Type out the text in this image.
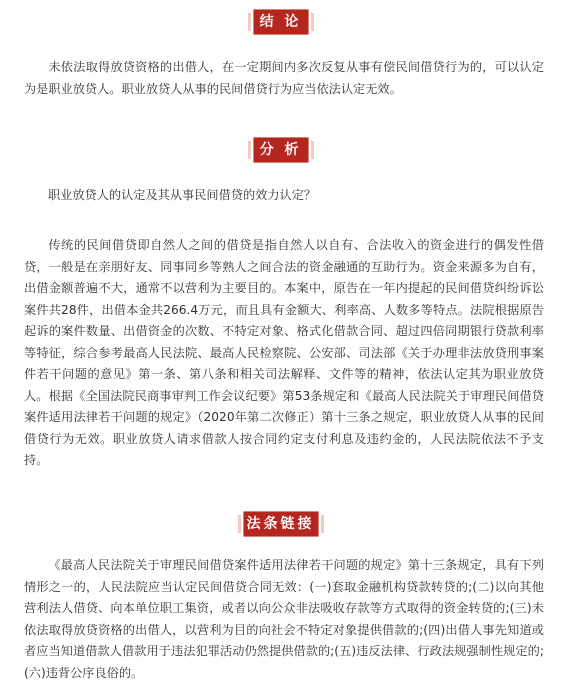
结 论

未依法取得放贷资格的出借人，在一定期间内多次反复从事有偿民间借贷行为的，可以认定为是职业放贷人。职业放贷人从事的民间借贷行为应当依法认定无效。

分 析

职业放贷人的认定及其从事民间借贷的效力认定？

传统的民间借贷即自然人之间的借贷是指自然人以自有、合法收入的资金进行的偶发性借贷，一般是在亲朋好友、同事同乡等熟人之间合法的资金融通的互助行为。资金来源多为自有，出借金额普遍不大，通常不以营利为主要目的。本案中，原告在一年内提起的民间借贷纠纷诉讼案件共28件，出借本金共266.4万元，而且具有金额大、利率高、人数多等特点。法院根据原告起诉的案件数量、出借资金的次数、不特定对象、格式化借款合同、超过四倍同期银行贷款利率等特征，综合参考最高人民法院、最高人民检察院、公安部、司法部《关于办理非法放贷刑事案件若干问题的意见》第一条、第八条和相关司法解释、文件等的精神，依法认定其为职业放贷人。根据《全国法院民商事审判工作会议纪要》第53条规定和《最高人民法院关于审理民间借贷案件适用法律若干问题的规定》（2020年第二次修正）第十三条之规定，职业放贷人从事的民间借贷行为无效。职业放贷人请求借款人按合同约定支付利息及违约金的，人民法院依法不予支持。

法条链接

《最高人民法院关于审理民间借贷案件适用法律若干问题的规定》第十三条规定，具有下列情形之一的，人民法院应当认定民间借贷合同无效：(一)套取金融机构贷款转贷的;(二)以向其他营利法人借贷、向本单位职工集资，或者以向公众非法吸收存款等方式取得的资金转贷的;(三)未依法取得放贷资格的出借人，以营利为目的向社会不特定对象提供借款的;(四)出借人事先知道或者应当知道借款人借款用于违法犯罪活动仍然提供借款的;(五)违反法律、行政法规强制性规定的;(六)违背公序良俗的。
